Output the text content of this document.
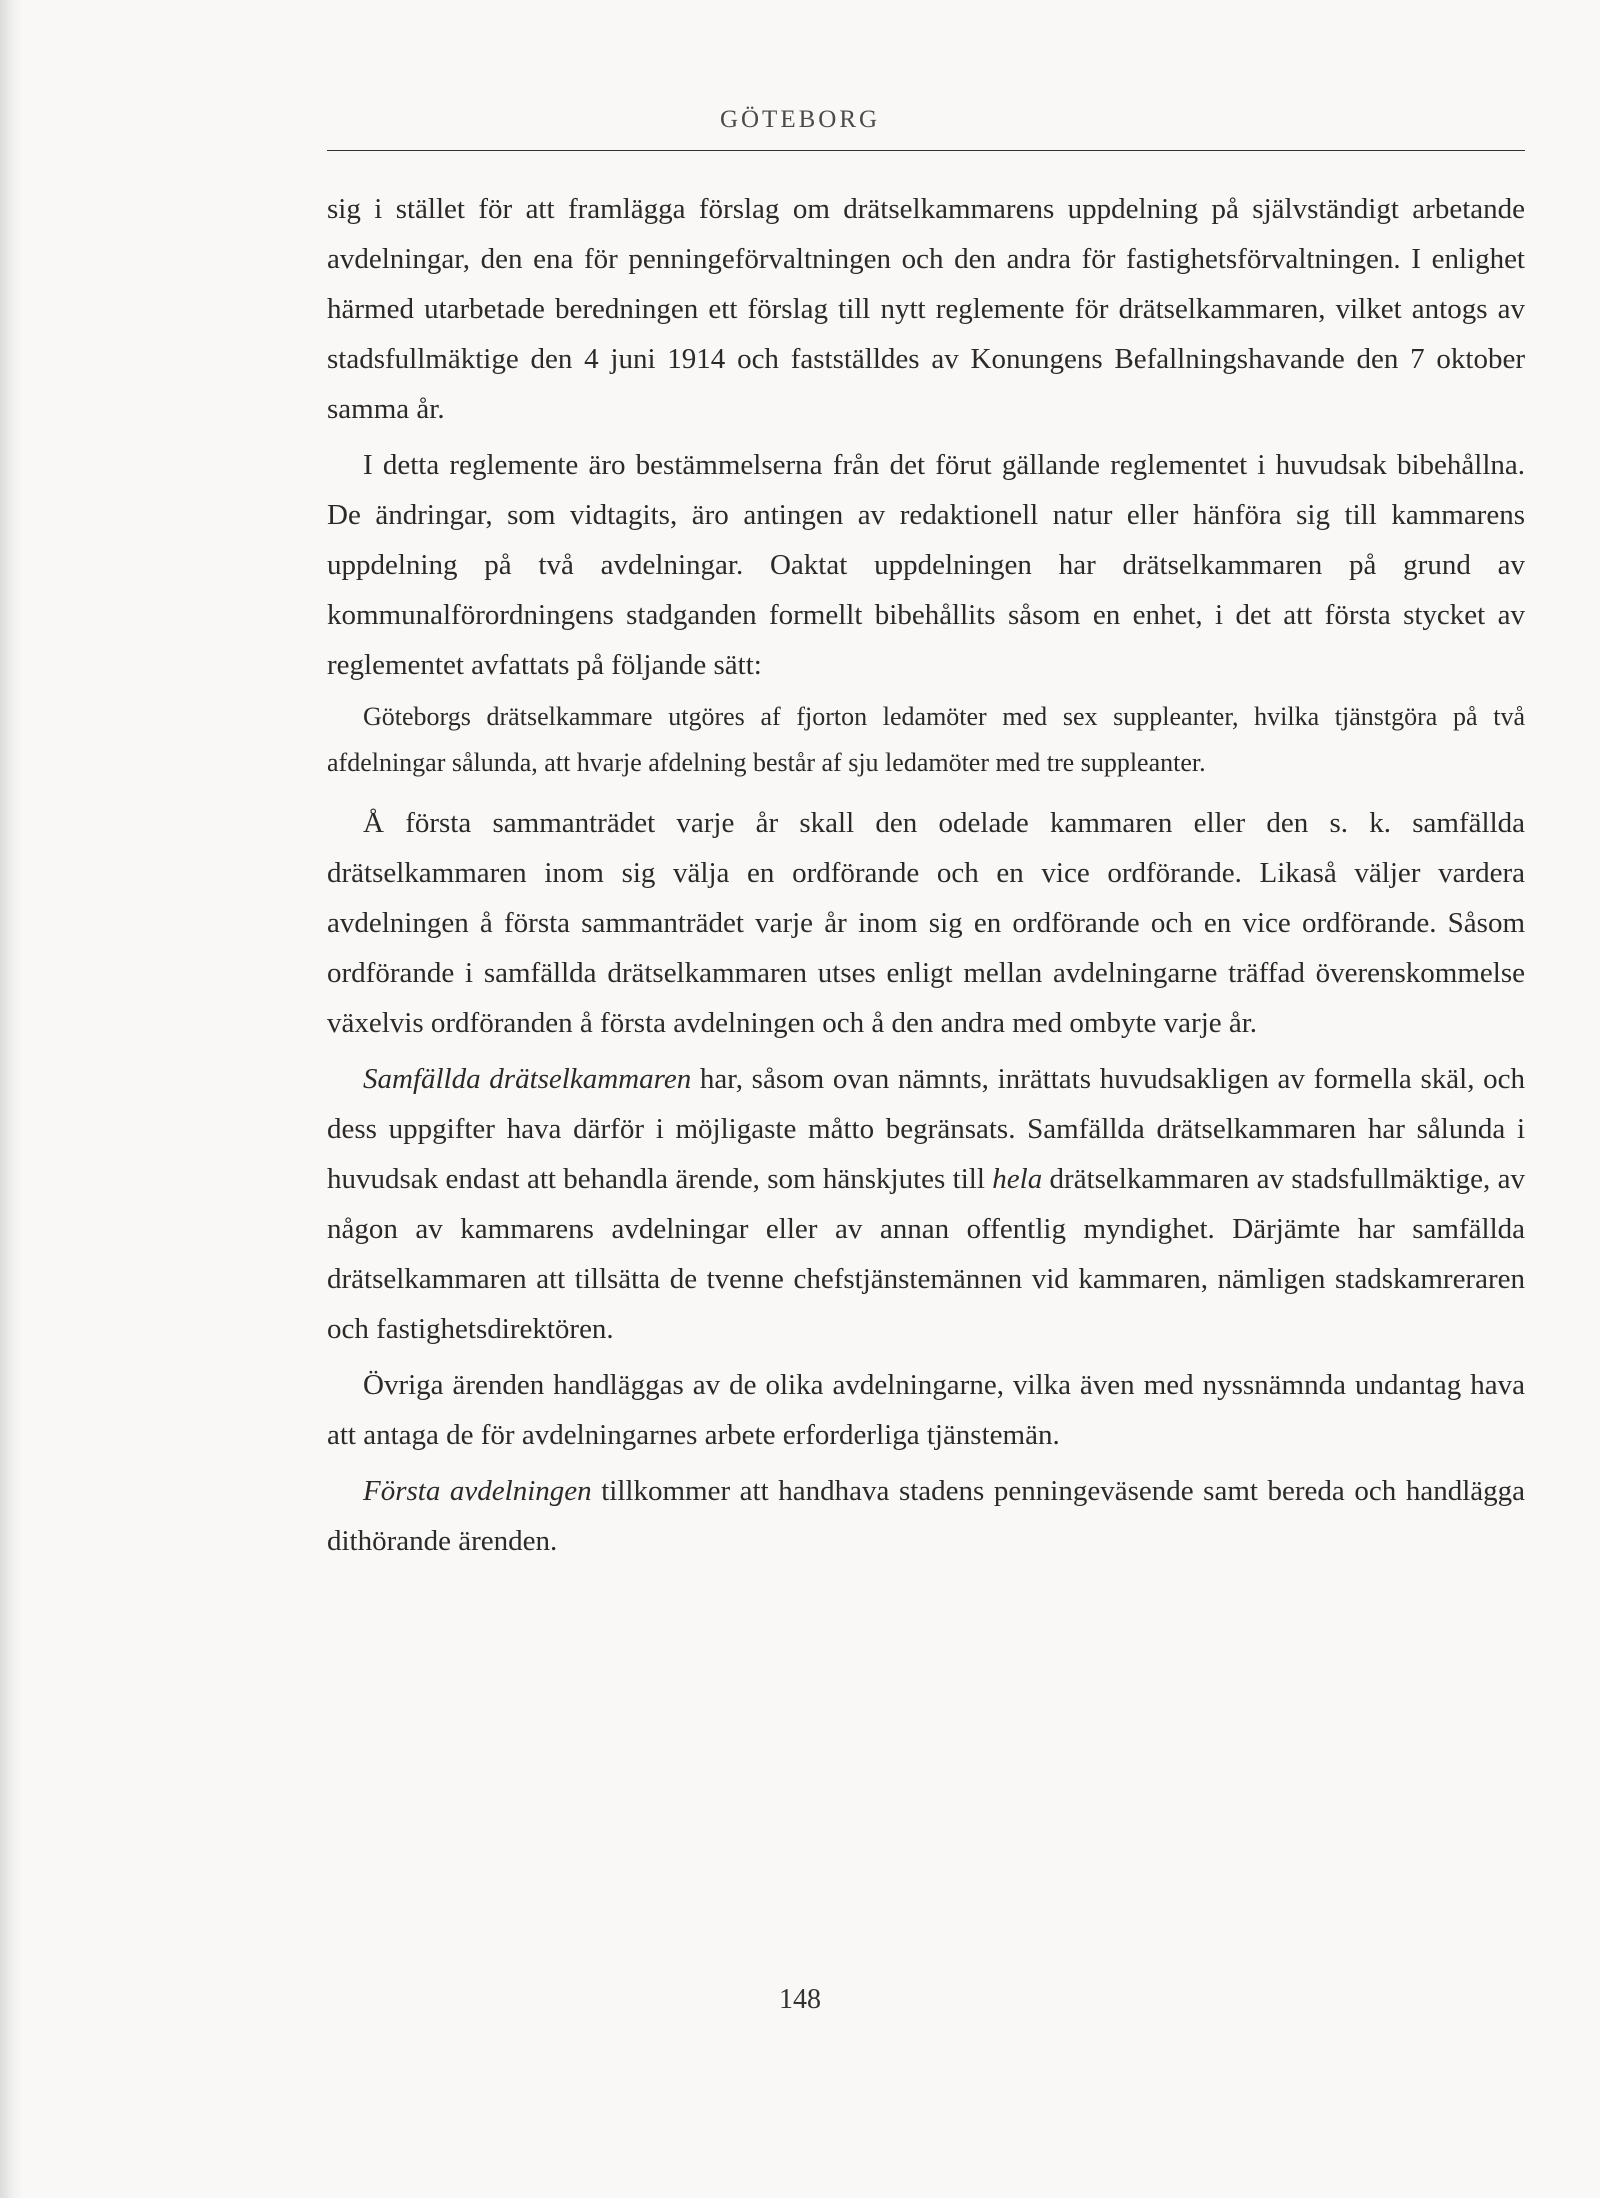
GÖTEBORG

sig i stället för att framlägga förslag om drätselkammarens uppdelning på självständigt arbetande avdelningar, den ena för penningeförvaltningen och den andra för fastighetsförvaltningen. I enlighet härmed utarbetade beredningen ett förslag till nytt reglemente för drätselkammaren, vilket antogs av stadsfullmäktige den 4 juni 1914 och fastställdes av Konungens Befallningshavande den 7 oktober samma år.

I detta reglemente äro bestämmelserna från det förut gällande reglementet i huvudsak bibehållna. De ändringar, som vidtagits, äro antingen av redaktionell natur eller hänföra sig till kammarens uppdelning på två avdelningar. Oaktat uppdelningen har drätselkammaren på grund av kommunalförordningens stadganden formellt bibehållits såsom en enhet, i det att första stycket av reglementet avfattats på följande sätt:

Göteborgs drätselkammare utgöres af fjorton ledamöter med sex suppleanter, hvilka tjänstgöra på två afdelningar sålunda, att hvarje afdelning består af sju ledamöter med tre suppleanter.

Å första sammanträdet varje år skall den odelade kammaren eller den s. k. samfällda drätselkammaren inom sig välja en ordförande och en vice ordförande. Likaså väljer vardera avdelningen å första sammanträdet varje år inom sig en ordförande och en vice ordförande. Såsom ordförande i samfällda drätselkammaren utses enligt mellan avdelningarne träffad överenskommelse växelvis ordföranden å första avdelningen och å den andra med ombyte varje år.

Samfällda drätselkammaren har, såsom ovan nämnts, inrättats huvudsakligen av formella skäl, och dess uppgifter hava därför i möjligaste måtto begränsats. Samfällda drätselkammaren har sålunda i huvudsak endast att behandla ärende, som hänskjutes till hela drätselkammaren av stadsfullmäktige, av någon av kammarens avdelningar eller av annan offentlig myndighet. Därjämte har samfällda drätselkammaren att tillsätta de tvenne chefstjänstemännen vid kammaren, nämligen stadskamreraren och fastighetsdirektören.

Övriga ärenden handläggas av de olika avdelningarne, vilka även med nyssnämnda undantag hava att antaga de för avdelningarnes arbete erforderliga tjänstemän.

Första avdelningen tillkommer att handhava stadens penningeväsende samt bereda och handlägga dithörande ärenden.

148
